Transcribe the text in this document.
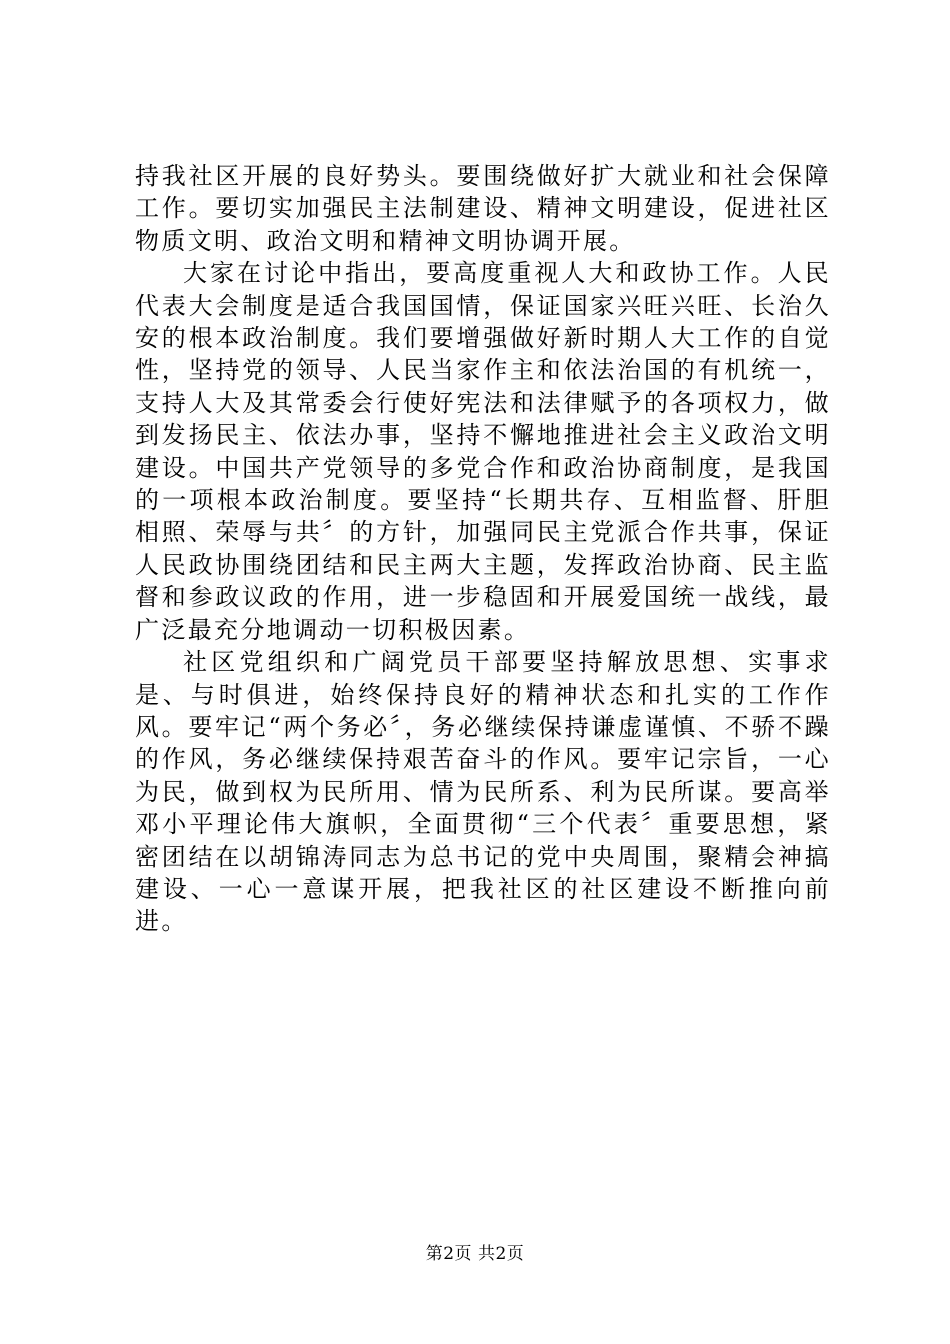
持我社区开展的良好势头。要围绕做好扩大就业和社会保障工作。要切实加强民主法制建设、精神文明建设，促进社区物质文明、政治文明和精神文明协调开展。

大家在讨论中指出，要高度重视人大和政协工作。人民代表大会制度是适合我国国情，保证国家兴旺兴旺、长治久安的根本政治制度。我们要增强做好新时期人大工作的自觉性，坚持党的领导、人民当家作主和依法治国的有机统一，支持人大及其常委会行使好宪法和法律赋予的各项权力，做到发扬民主、依法办事，坚持不懈地推进社会主义政治文明建设。中国共产党领导的多党合作和政治协商制度，是我国的一项根本政治制度。要坚持“长期共存、互相监督、肝胆相照、荣辱与共〞的方针，加强同民主党派合作共事，保证人民政协围绕团结和民主两大主题，发挥政治协商、民主监督和参政议政的作用，进一步稳固和开展爱国统一战线，最广泛最充分地调动一切积极因素。

社区党组织和广阔党员干部要坚持解放思想、实事求是、与时俱进，始终保持良好的精神状态和扎实的工作作风。要牢记“两个务必〞，务必继续保持谦虚谨慎、不骄不躁的作风，务必继续保持艰苦奋斗的作风。要牢记宗旨，一心为民，做到权为民所用、情为民所系、利为民所谋。要高举邓小平理论伟大旗帜，全面贯彻“三个代表〞重要思想，紧密团结在以胡锦涛同志为总书记的党中央周围，聚精会神搞建设、一心一意谋开展，把我社区的社区建设不断推向前进。

第2页 共2页
